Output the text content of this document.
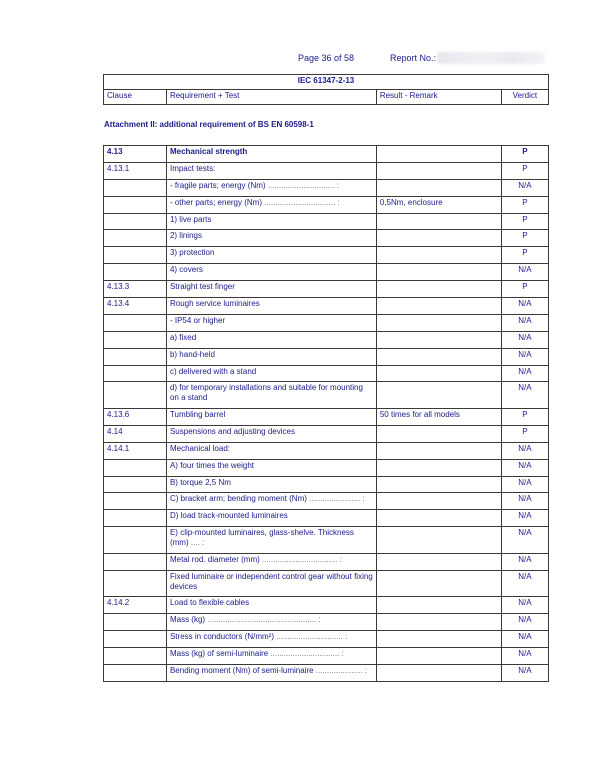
Page 36 of 58	Report No.:
IEC 61347-2-13
Clause	Requirement + Test	Result - Remark	Verdict
Attachment II: additional requirement of BS EN 60598-1
4.13	Mechanical strength		P
4.13.1	Impact tests:		P
	- fragile parts; energy (Nm) .............................. :		N/A
	- other parts; energy (Nm) ................................ :	0,5Nm, enclosure	P
	1) live parts		P
	2) linings		P
	3) protection		P
	4) covers		N/A
4.13.3	Straight test finger		P
4.13.4	Rough service luminaires		N/A
	- IP54 or higher		N/A
	a) fixed		N/A
	b) hand-held		N/A
	c) delivered with a stand		N/A
	d) for temporary installations and suitable for mounting on a stand		N/A
4.13.6	Tumbling barrel	50 times for all models	P
4.14	Suspensions and adjusting devices		P
4.14.1	Mechanical load:		N/A
	A) four times the weight		N/A
	B) torque 2,5 Nm		N/A
	C) bracket arm; bending moment (Nm) ....................... :		N/A
	D) load track-mounted luminaires		N/A
	E) clip-mounted luminaires, glass-shelve. Thickness (mm) .... :		N/A
	Metal rod. diameter (mm) .................................. :		N/A
	Fixed luminaire or independent control gear without fixing devices		N/A
4.14.2	Load to flexible cables		N/A
	Mass (kg) ................................................. :		N/A
	Stress in conductors (N/mm²) .............................. :		N/A
	Mass (kg) of semi-luminaire ............................... :		N/A
	Bending moment (Nm) of semi-luminaire ..................... :		N/A
